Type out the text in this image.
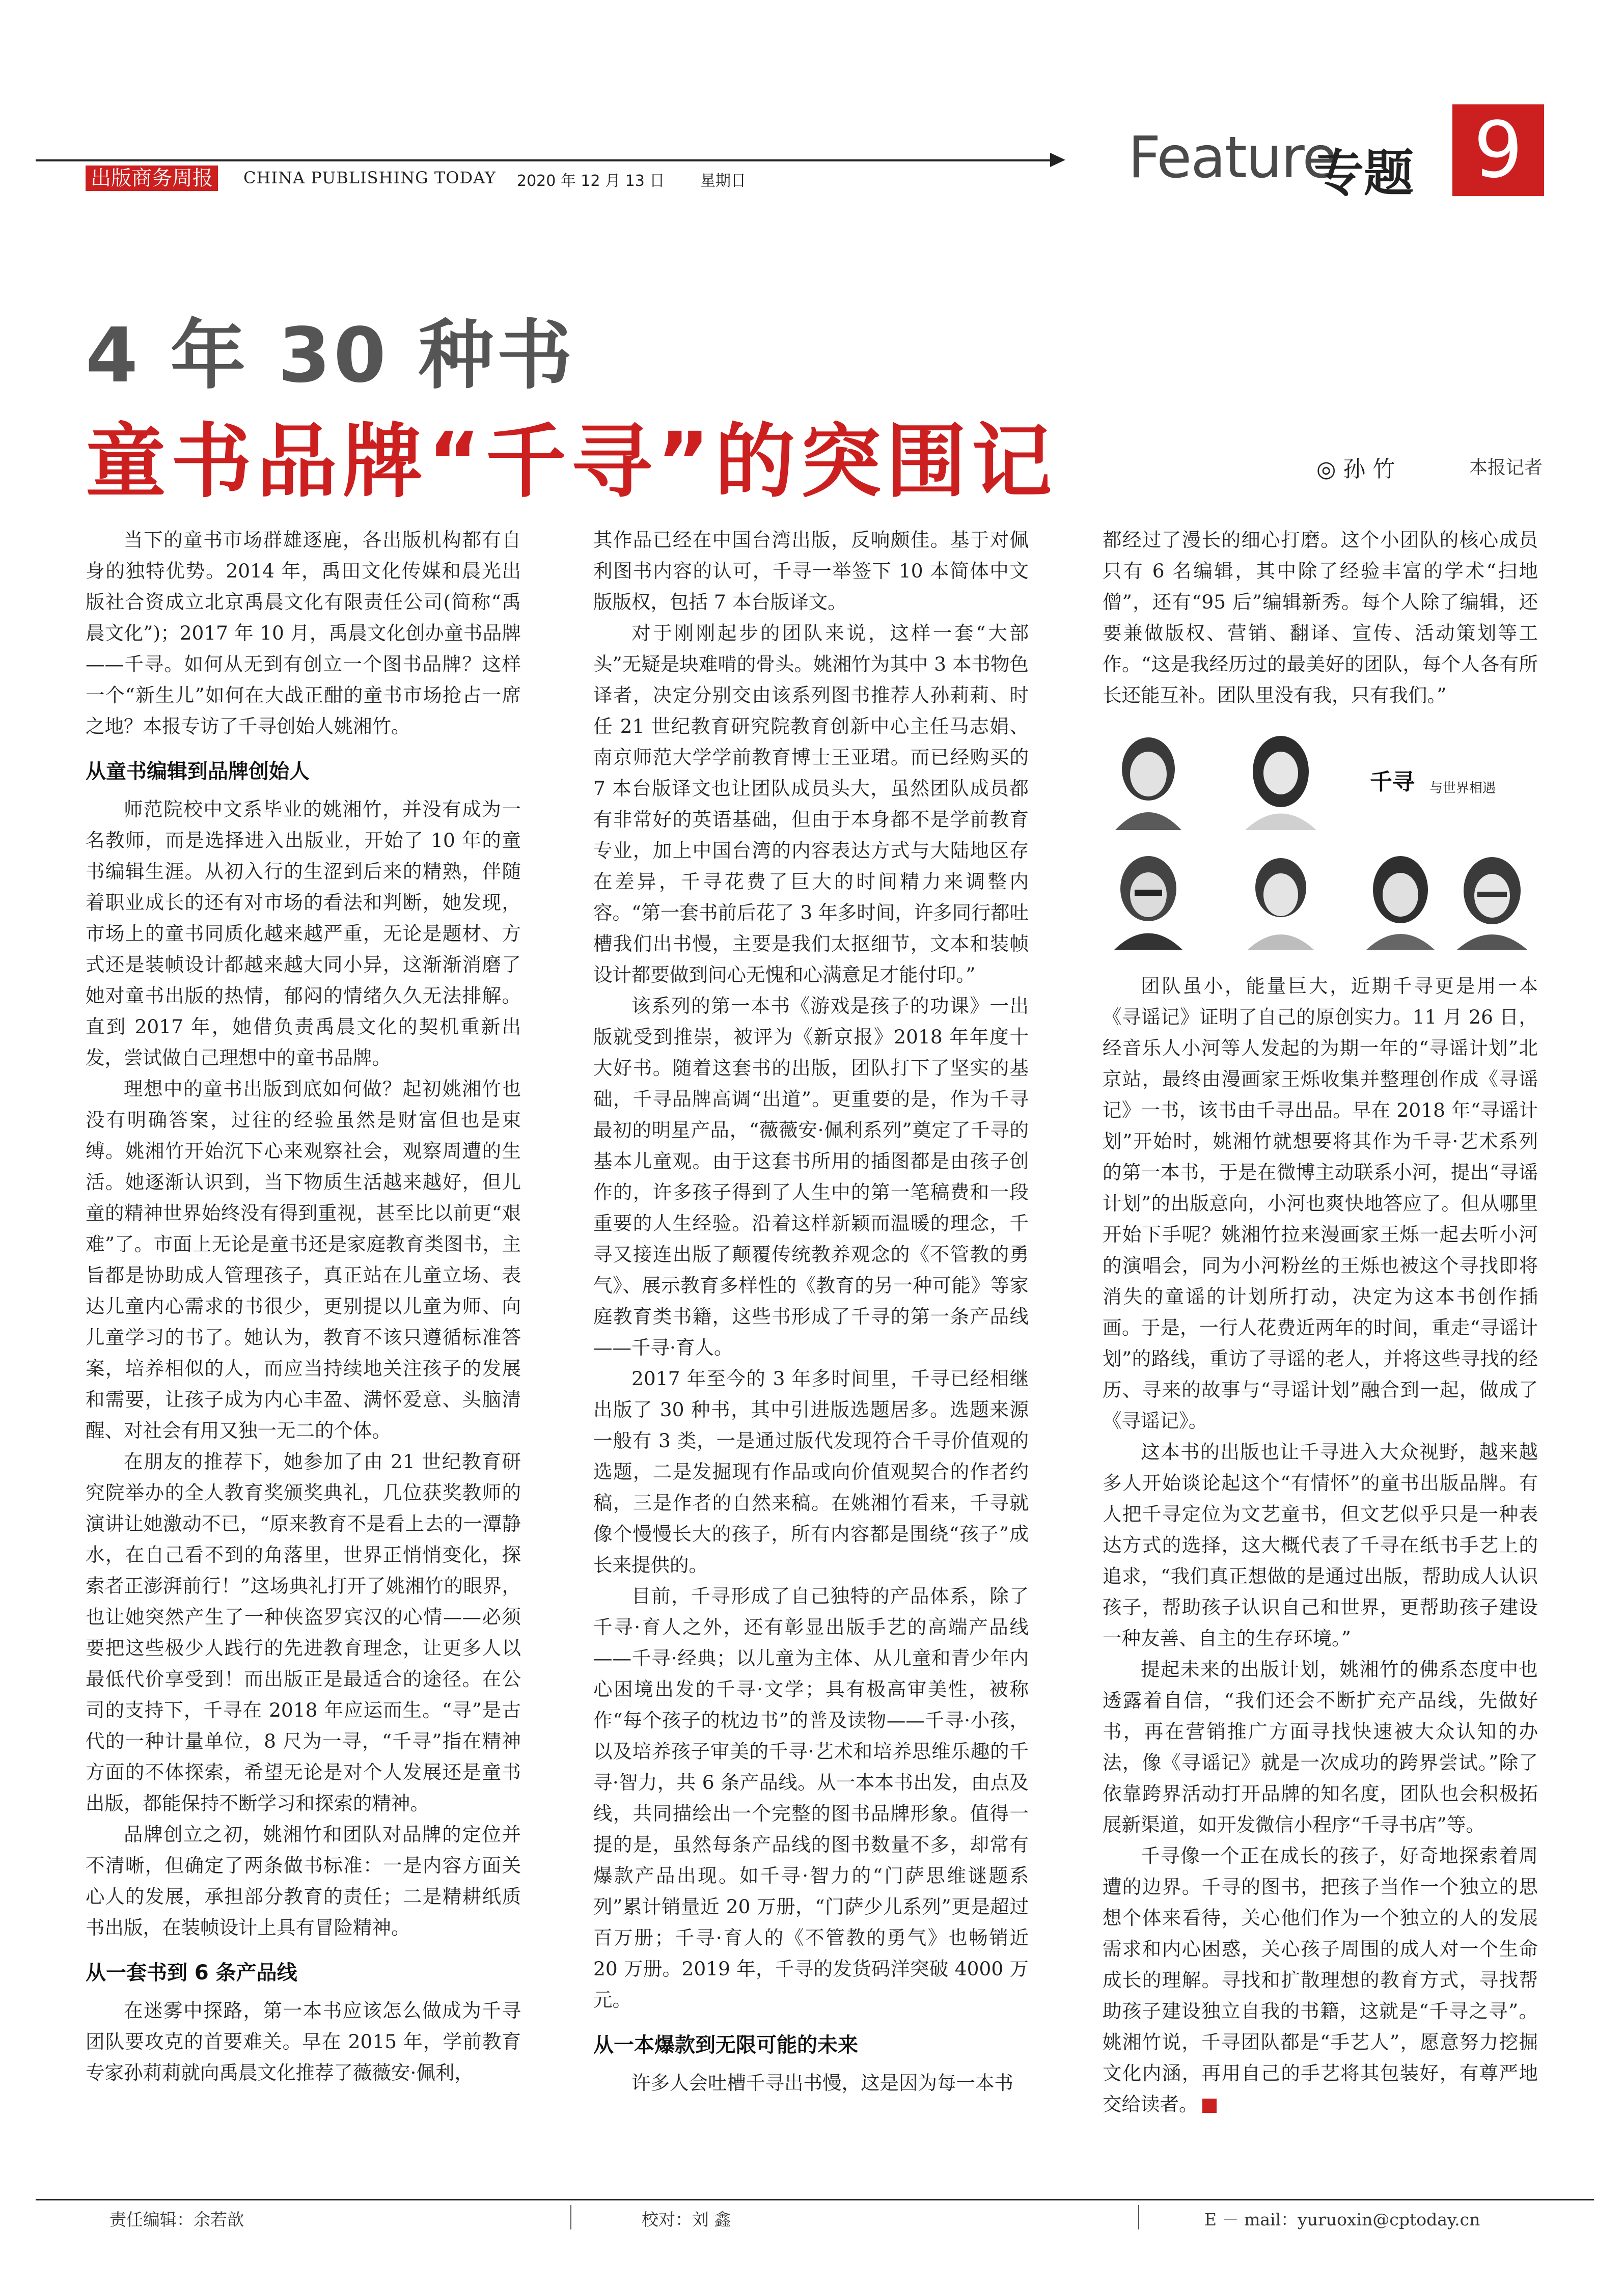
出版商务周报	CHINA PUBLISHING TODAY 2020 年 12 月 13 日 星期日	Feature
专题 9
4 年 30 种书
童书品牌“千寻”的突围记	◎ 孙 竹	本报记者

当下的童书市场群雄逐鹿，各出版机构都有自身的独特优势。2014 年，禹田文化传媒和晨光出版社合资成立北京禹晨文化有限责任公司(简称“禹晨文化”)；2017 年 10 月，禹晨文化创办童书品牌——千寻。如何从无到有创立一个图书品牌？这样一个“新生儿”如何在大战正酣的童书市场抢占一席之地？本报专访了千寻创始人姚湘竹。

从童书编辑到品牌创始人

师范院校中文系毕业的姚湘竹，并没有成为一名教师，而是选择进入出版业，开始了 10 年的童书编辑生涯。从初入行的生涩到后来的精熟，伴随着职业成长的还有对市场的看法和判断，她发现，市场上的童书同质化越来越严重，无论是题材、方式还是装帧设计都越来越大同小异，这渐渐消磨了她对童书出版的热情，郁闷的情绪久久无法排解。直到 2017 年，她借负责禹晨文化的契机重新出发，尝试做自己理想中的童书品牌。

理想中的童书出版到底如何做？起初姚湘竹也没有明确答案，过往的经验虽然是财富但也是束缚。姚湘竹开始沉下心来观察社会，观察周遭的生活。她逐渐认识到，当下物质生活越来越好，但儿童的精神世界始终没有得到重视，甚至比以前更“艰难”了。市面上无论是童书还是家庭教育类图书，主旨都是协助成人管理孩子，真正站在儿童立场、表达儿童内心需求的书很少，更别提以儿童为师、向儿童学习的书了。她认为，教育不该只遵循标准答案，培养相似的人，而应当持续地关注孩子的发展和需要，让孩子成为内心丰盈、满怀爱意、头脑清醒、对社会有用又独一无二的个体。

在朋友的推荐下，她参加了由 21 世纪教育研究院举办的全人教育奖颁奖典礼，几位获奖教师的演讲让她激动不已，“原来教育不是看上去的一潭静水，在自己看不到的角落里，世界正悄悄变化，探索者正澎湃前行！”这场典礼打开了姚湘竹的眼界，也让她突然产生了一种侠盗罗宾汉的心情——必须要把这些极少人践行的先进教育理念，让更多人以最低代价享受到！而出版正是最适合的途径。在公司的支持下，千寻在 2018 年应运而生。“寻”是古代的一种计量单位，8 尺为一寻，“千寻”指在精神方面的不体探索，希望无论是对个人发展还是童书出版，都能保持不断学习和探索的精神。

品牌创立之初，姚湘竹和团队对品牌的定位并不清晰，但确定了两条做书标准：一是内容方面关心人的发展，承担部分教育的责任；二是精耕纸质书出版，在装帧设计上具有冒险精神。

从一套书到 6 条产品线

在迷雾中探路，第一本书应该怎么做成为千寻团队要攻克的首要难关。早在 2015 年，学前教育专家孙莉莉就向禹晨文化推荐了薇薇安·佩利，

其作品已经在中国台湾出版，反响颇佳。基于对佩利图书内容的认可，千寻一举签下 10 本简体中文版版权，包括 7 本台版译文。

对于刚刚起步的团队来说，这样一套“大部头”无疑是块难啃的骨头。姚湘竹为其中 3 本书物色译者，决定分别交由该系列图书推荐人孙莉莉、时任 21 世纪教育研究院教育创新中心主任马志娟、南京师范大学学前教育博士王亚珺。而已经购买的 7 本台版译文也让团队成员头大，虽然团队成员都有非常好的英语基础，但由于本身都不是学前教育专业，加上中国台湾的内容表达方式与大陆地区存在差异，千寻花费了巨大的时间精力来调整内容。“第一套书前后花了 3 年多时间，许多同行都吐槽我们出书慢，主要是我们太抠细节，文本和装帧设计都要做到问心无愧和心满意足才能付印。”

该系列的第一本书《游戏是孩子的功课》一出版就受到推崇，被评为《新京报》2018 年年度十大好书。随着这套书的出版，团队打下了坚实的基础，千寻品牌高调“出道”。更重要的是，作为千寻最初的明星产品，“薇薇安·佩利系列”奠定了千寻的基本儿童观。由于这套书所用的插图都是由孩子创作的，许多孩子得到了人生中的第一笔稿费和一段重要的人生经验。沿着这样新颖而温暖的理念，千寻又接连出版了颠覆传统教养观念的《不管教的勇气》、展示教育多样性的《教育的另一种可能》等家庭教育类书籍，这些书形成了千寻的第一条产品线——千寻·育人。

2017 年至今的 3 年多时间里，千寻已经相继出版了 30 种书，其中引进版选题居多。选题来源一般有 3 类，一是通过版代发现符合千寻价值观的选题，二是发掘现有作品或向价值观契合的作者约稿，三是作者的自然来稿。在姚湘竹看来，千寻就像个慢慢长大的孩子，所有内容都是围绕“孩子”成长来提供的。

目前，千寻形成了自己独特的产品体系，除了千寻·育人之外，还有彰显出版手艺的高端产品线——千寻·经典；以儿童为主体、从儿童和青少年内心困境出发的千寻·文学；具有极高审美性，被称作“每个孩子的枕边书”的普及读物——千寻·小孩，以及培养孩子审美的千寻·艺术和培养思维乐趣的千寻·智力，共 6 条产品线。从一本本书出发，由点及线，共同描绘出一个完整的图书品牌形象。值得一提的是，虽然每条产品线的图书数量不多，却常有爆款产品出现。如千寻·智力的“门萨思维谜题系列”累计销量近 20 万册，“门萨少儿系列”更是超过百万册；千寻·育人的《不管教的勇气》也畅销近 20 万册。2019 年，千寻的发货码洋突破 4000 万元。

从一本爆款到无限可能的未来

许多人会吐槽千寻出书慢，这是因为每一本书

都经过了漫长的细心打磨。这个小团队的核心成员只有 6 名编辑，其中除了经验丰富的学术“扫地僧”，还有“95 后”编辑新秀。每个人除了编辑，还要兼做版权、营销、翻译、宣传、活动策划等工作。“这是我经历过的最美好的团队，每个人各有所长还能互补。团队里没有我，只有我们。”

千寻 与世界相遇

团队虽小，能量巨大，近期千寻更是用一本《寻谣记》证明了自己的原创实力。11 月 26 日，经音乐人小河等人发起的为期一年的“寻谣计划”北京站，最终由漫画家王烁收集并整理创作成《寻谣记》一书，该书由千寻出品。早在 2018 年“寻谣计划”开始时，姚湘竹就想要将其作为千寻·艺术系列的第一本书，于是在微博主动联系小河，提出“寻谣计划”的出版意向，小河也爽快地答应了。但从哪里开始下手呢？姚湘竹拉来漫画家王烁一起去听小河的演唱会，同为小河粉丝的王烁也被这个寻找即将消失的童谣的计划所打动，决定为这本书创作插画。于是，一行人花费近两年的时间，重走“寻谣计划”的路线，重访了寻谣的老人，并将这些寻找的经历、寻来的故事与“寻谣计划”融合到一起，做成了《寻谣记》。

这本书的出版也让千寻进入大众视野，越来越多人开始谈论起这个“有情怀”的童书出版品牌。有人把千寻定位为文艺童书，但文艺似乎只是一种表达方式的选择，这大概代表了千寻在纸书手艺上的追求，“我们真正想做的是通过出版，帮助成人认识孩子，帮助孩子认识自己和世界，更帮助孩子建设一种友善、自主的生存环境。”

提起未来的出版计划，姚湘竹的佛系态度中也透露着自信，“我们还会不断扩充产品线，先做好书，再在营销推广方面寻找快速被大众认知的办法，像《寻谣记》就是一次成功的跨界尝试。”除了依靠跨界活动打开品牌的知名度，团队也会积极拓展新渠道，如开发微信小程序“千寻书店”等。

千寻像一个正在成长的孩子，好奇地探索着周遭的边界。千寻的图书，把孩子当作一个独立的思想个体来看待，关心他们作为一个独立的人的发展需求和内心困惑，关心孩子周围的成人对一个生命成长的理解。寻找和扩散理想的教育方式，寻找帮助孩子建设独立自我的书籍，这就是“千寻之寻”。姚湘竹说，千寻团队都是“手艺人”，愿意努力挖掘文化内涵，再用自己的手艺将其包装好，有尊严地交给读者。

责任编辑：余若歆	校对：刘 鑫	E － mail：yuruoxin@cptoday.cn
